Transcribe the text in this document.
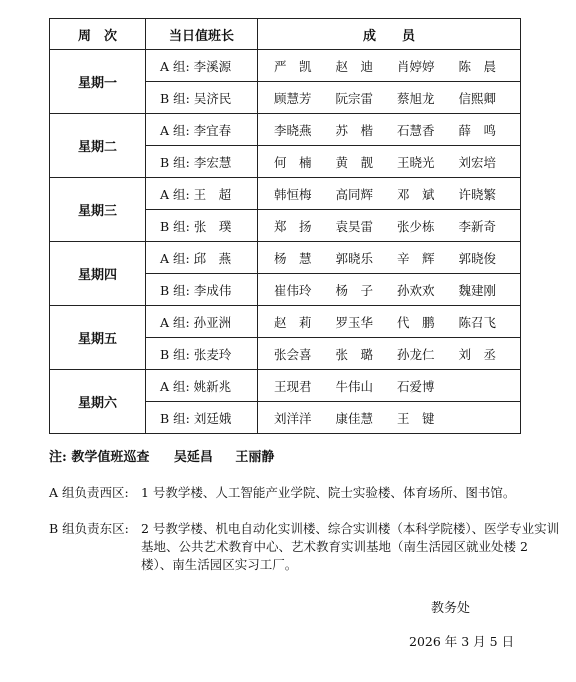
周　次	当日值班长	成　　员
星期一	A 组: 李溪源	严　凯 赵　迪 肖婷婷 陈　晨

	B 组: 吴济民	顾慧芳 阮宗雷 蔡旭龙 信熙卿

星期二	A 组: 李宜春	李晓燕 苏　楷 石慧香 薛　鸣

	B 组: 李宏慧	何　楠 黄　靓 王晓光 刘宏培

星期三	A 组: 王　超	韩恒梅 高同辉 邓　斌 许晓繁

	B 组: 张　璞	郑　扬 袁昊雷 张少栋 李新奇

星期四	A 组: 邱　燕	杨　慧 郭晓乐 辛　辉 郭晓俊

	B 组: 李成伟	崔伟玲 杨　子 孙欢欢 魏建刚

星期五	A 组: 孙亚洲	赵　莉 罗玉华 代　鹏 陈召飞

	B 组: 张麦玲	张会喜 张　璐 孙龙仁 刘　丞

星期六	A 组: 姚新兆	王现君 牛伟山 石爱博

	B 组: 刘廷娥	刘洋洋 康佳慧 王　键
注: 教学值班巡查 吴延昌 王丽静
A 组负责西区: 1 号教学楼、人工智能产业学院、院士实验楼、体育场所、图书馆。
B 组负责东区: 2 号教学楼、机电自动化实训楼、综合实训楼（本科学院楼）、医学专业实训基地、公共艺术教育中心、艺术教育实训基地（南生活园区就业处楼 2 楼）、南生活园区实习工厂。
教务处
2026 年 3 月 5 日
